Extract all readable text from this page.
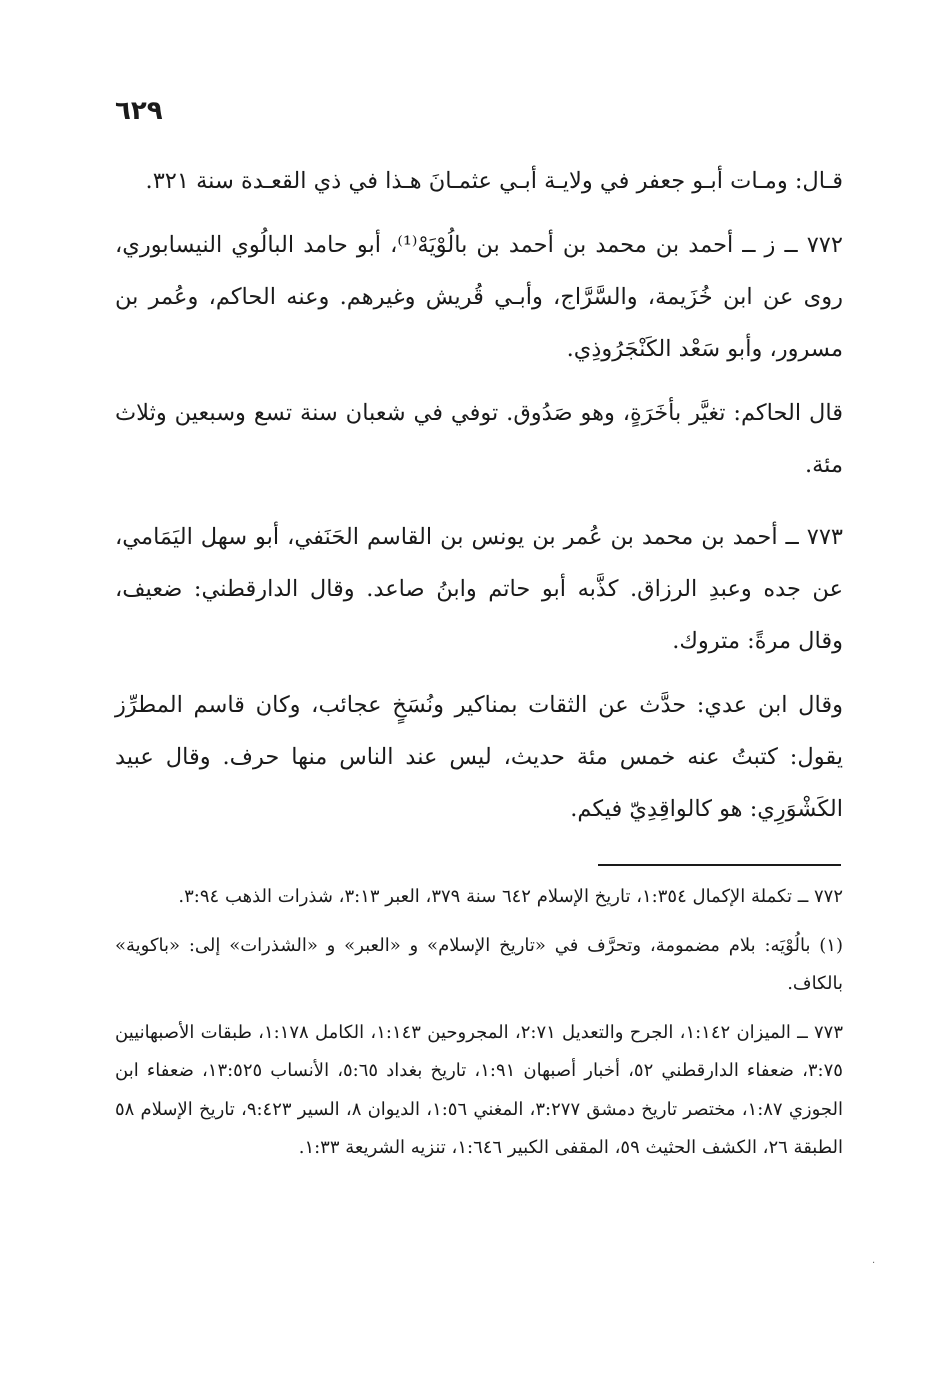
٦٢٩

قـال: ومـات أبـو جعفر في ولايـة أبـي عثمـانَ هـذا في ذي القعـدة سنة ٣٢١.

٧٧٢ ــ ز ــ أحمد بن محمد بن أحمد بن بالُوْيَهْ⁽¹⁾، أبو حامد البالُوي النيسابوري، روى عن ابن خُزَيمة، والسَّرَّاج، وأبـي قُريش وغيرهم. وعنه الحاكم، وعُمر بن مسرور، وأبو سَعْد الكَنْجَرُوذِي.

قال الحاكم: تغيَّر بأخَرَةٍ، وهو صَدُوق. توفي في شعبان سنة تسع وسبعين وثلاث مئة.

٧٧٣ ــ أحمد بن محمد بن عُمر بن يونس بن القاسم الحَنَفي، أبو سهل اليَمَامي، عن جده وعبدِ الرزاق. كذَّبه أبو حاتم وابنُ صاعد. وقال الدارقطني: ضعيف، وقال مرةً: متروك.

وقال ابن عدي: حدَّث عن الثقات بمناكير ونُسَخٍ عجائب، وكان قاسم المطرِّز يقول: كتبتُ عنه خمس مئة حديث، ليس عند الناس منها حرف. وقال عبيد الكَشْوَرِي: هو كالواقِدِيّ فيكم.

٧٧٢ ــ تكملة الإكمال ١:٣٥٤، تاريخ الإسلام ٦٤٢ سنة ٣٧٩، العبر ٣:١٣، شذرات الذهب ٣:٩٤.

(١) بالُوْيَه: بلام مضمومة، وتحرَّف في «تاريخ الإسلام» و «العبر» و «الشذرات» إلى: «باكوية» بالكاف.

٧٧٣ ــ الميزان ١:١٤٢، الجرح والتعديل ٢:٧١، المجروحين ١:١٤٣، الكامل ١:١٧٨، طبقات الأصبهانيين ٣:٧٥، ضعفاء الدارقطني ٥٢، أخبار أصبهان ١:٩١، تاريخ بغداد ٥:٦٥، الأنساب ١٣:٥٢٥، ضعفاء ابن الجوزي ١:٨٧، مختصر تاريخ دمشق ٣:٢٧٧، المغني ١:٥٦، الديوان ٨، السير ٩:٤٢٣، تاريخ الإسلام ٥٨ الطبقة ٢٦، الكشف الحثيث ٥٩، المقفى الكبير ١:٦٤٦، تنزيه الشريعة ١:٣٣.

·
